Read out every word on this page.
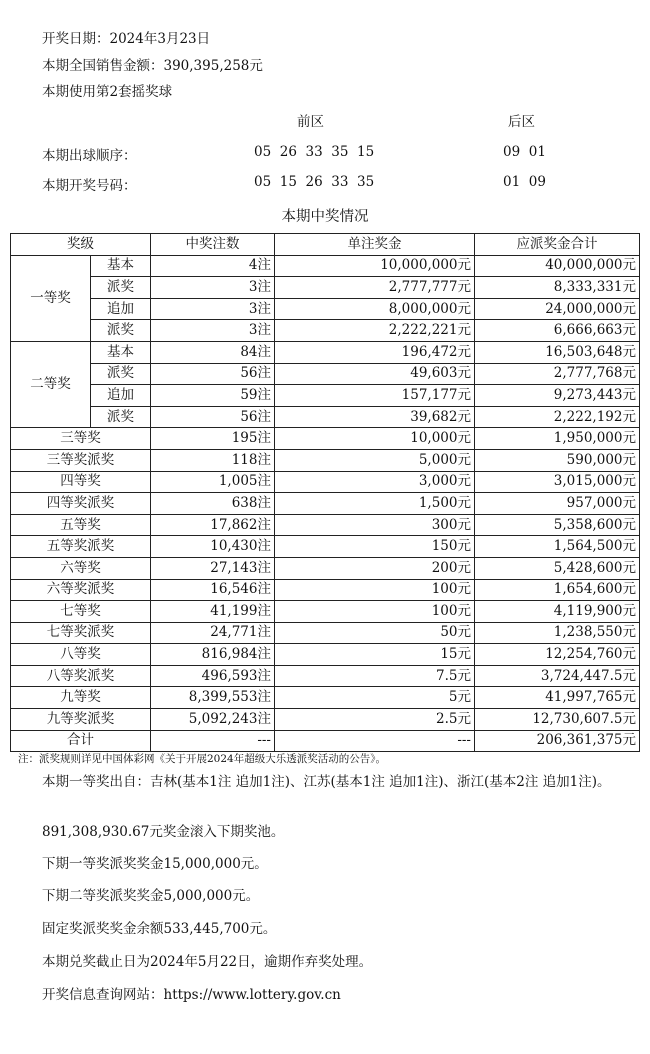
开奖日期：2024年3月23日
本期全国销售金额：390,395,258元
本期使用第2套摇奖球
前区	后区
本期出球顺序：	05  26  33  35  15	09  01
本期开奖号码：	05  15  26  33  35	01  09
本期中奖情况
奖级		中奖注数	单注奖金	应派奖金合计
一等奖	基本	4注	10,000,000元	40,000,000元
	派奖	3注	2,777,777元	8,333,331元
	追加	3注	8,000,000元	24,000,000元
	派奖	3注	2,222,221元	6,666,663元
二等奖	基本	84注	196,472元	16,503,648元
	派奖	56注	49,603元	2,777,768元
	追加	59注	157,177元	9,273,443元
	派奖	56注	39,682元	2,222,192元
三等奖		195注	10,000元	1,950,000元
三等奖派奖		118注	5,000元	590,000元
四等奖		1,005注	3,000元	3,015,000元
四等奖派奖		638注	1,500元	957,000元
五等奖		17,862注	300元	5,358,600元
五等奖派奖		10,430注	150元	1,564,500元
六等奖		27,143注	200元	5,428,600元
六等奖派奖		16,546注	100元	1,654,600元
七等奖		41,199注	100元	4,119,900元
七等奖派奖		24,771注	50元	1,238,550元
八等奖		816,984注	15元	12,254,760元
八等奖派奖		496,593注	7.5元	3,724,447.5元
九等奖		8,399,553注	5元	41,997,765元
九等奖派奖		5,092,243注	2.5元	12,730,607.5元
合计		---	---	206,361,375元
注：派奖规则详见中国体彩网《关于开展2024年超级大乐透派奖活动的公告》。
本期一等奖出自：吉林(基本1注 追加1注)、江苏(基本1注 追加1注)、浙江(基本2注 追加1注)。
891,308,930.67元奖金滚入下期奖池。
下期一等奖派奖奖金15,000,000元。
下期二等奖派奖奖金5,000,000元。
固定奖派奖奖金余额533,445,700元。
本期兑奖截止日为2024年5月22日，逾期作弃奖处理。
开奖信息查询网站：https://www.lottery.gov.cn
